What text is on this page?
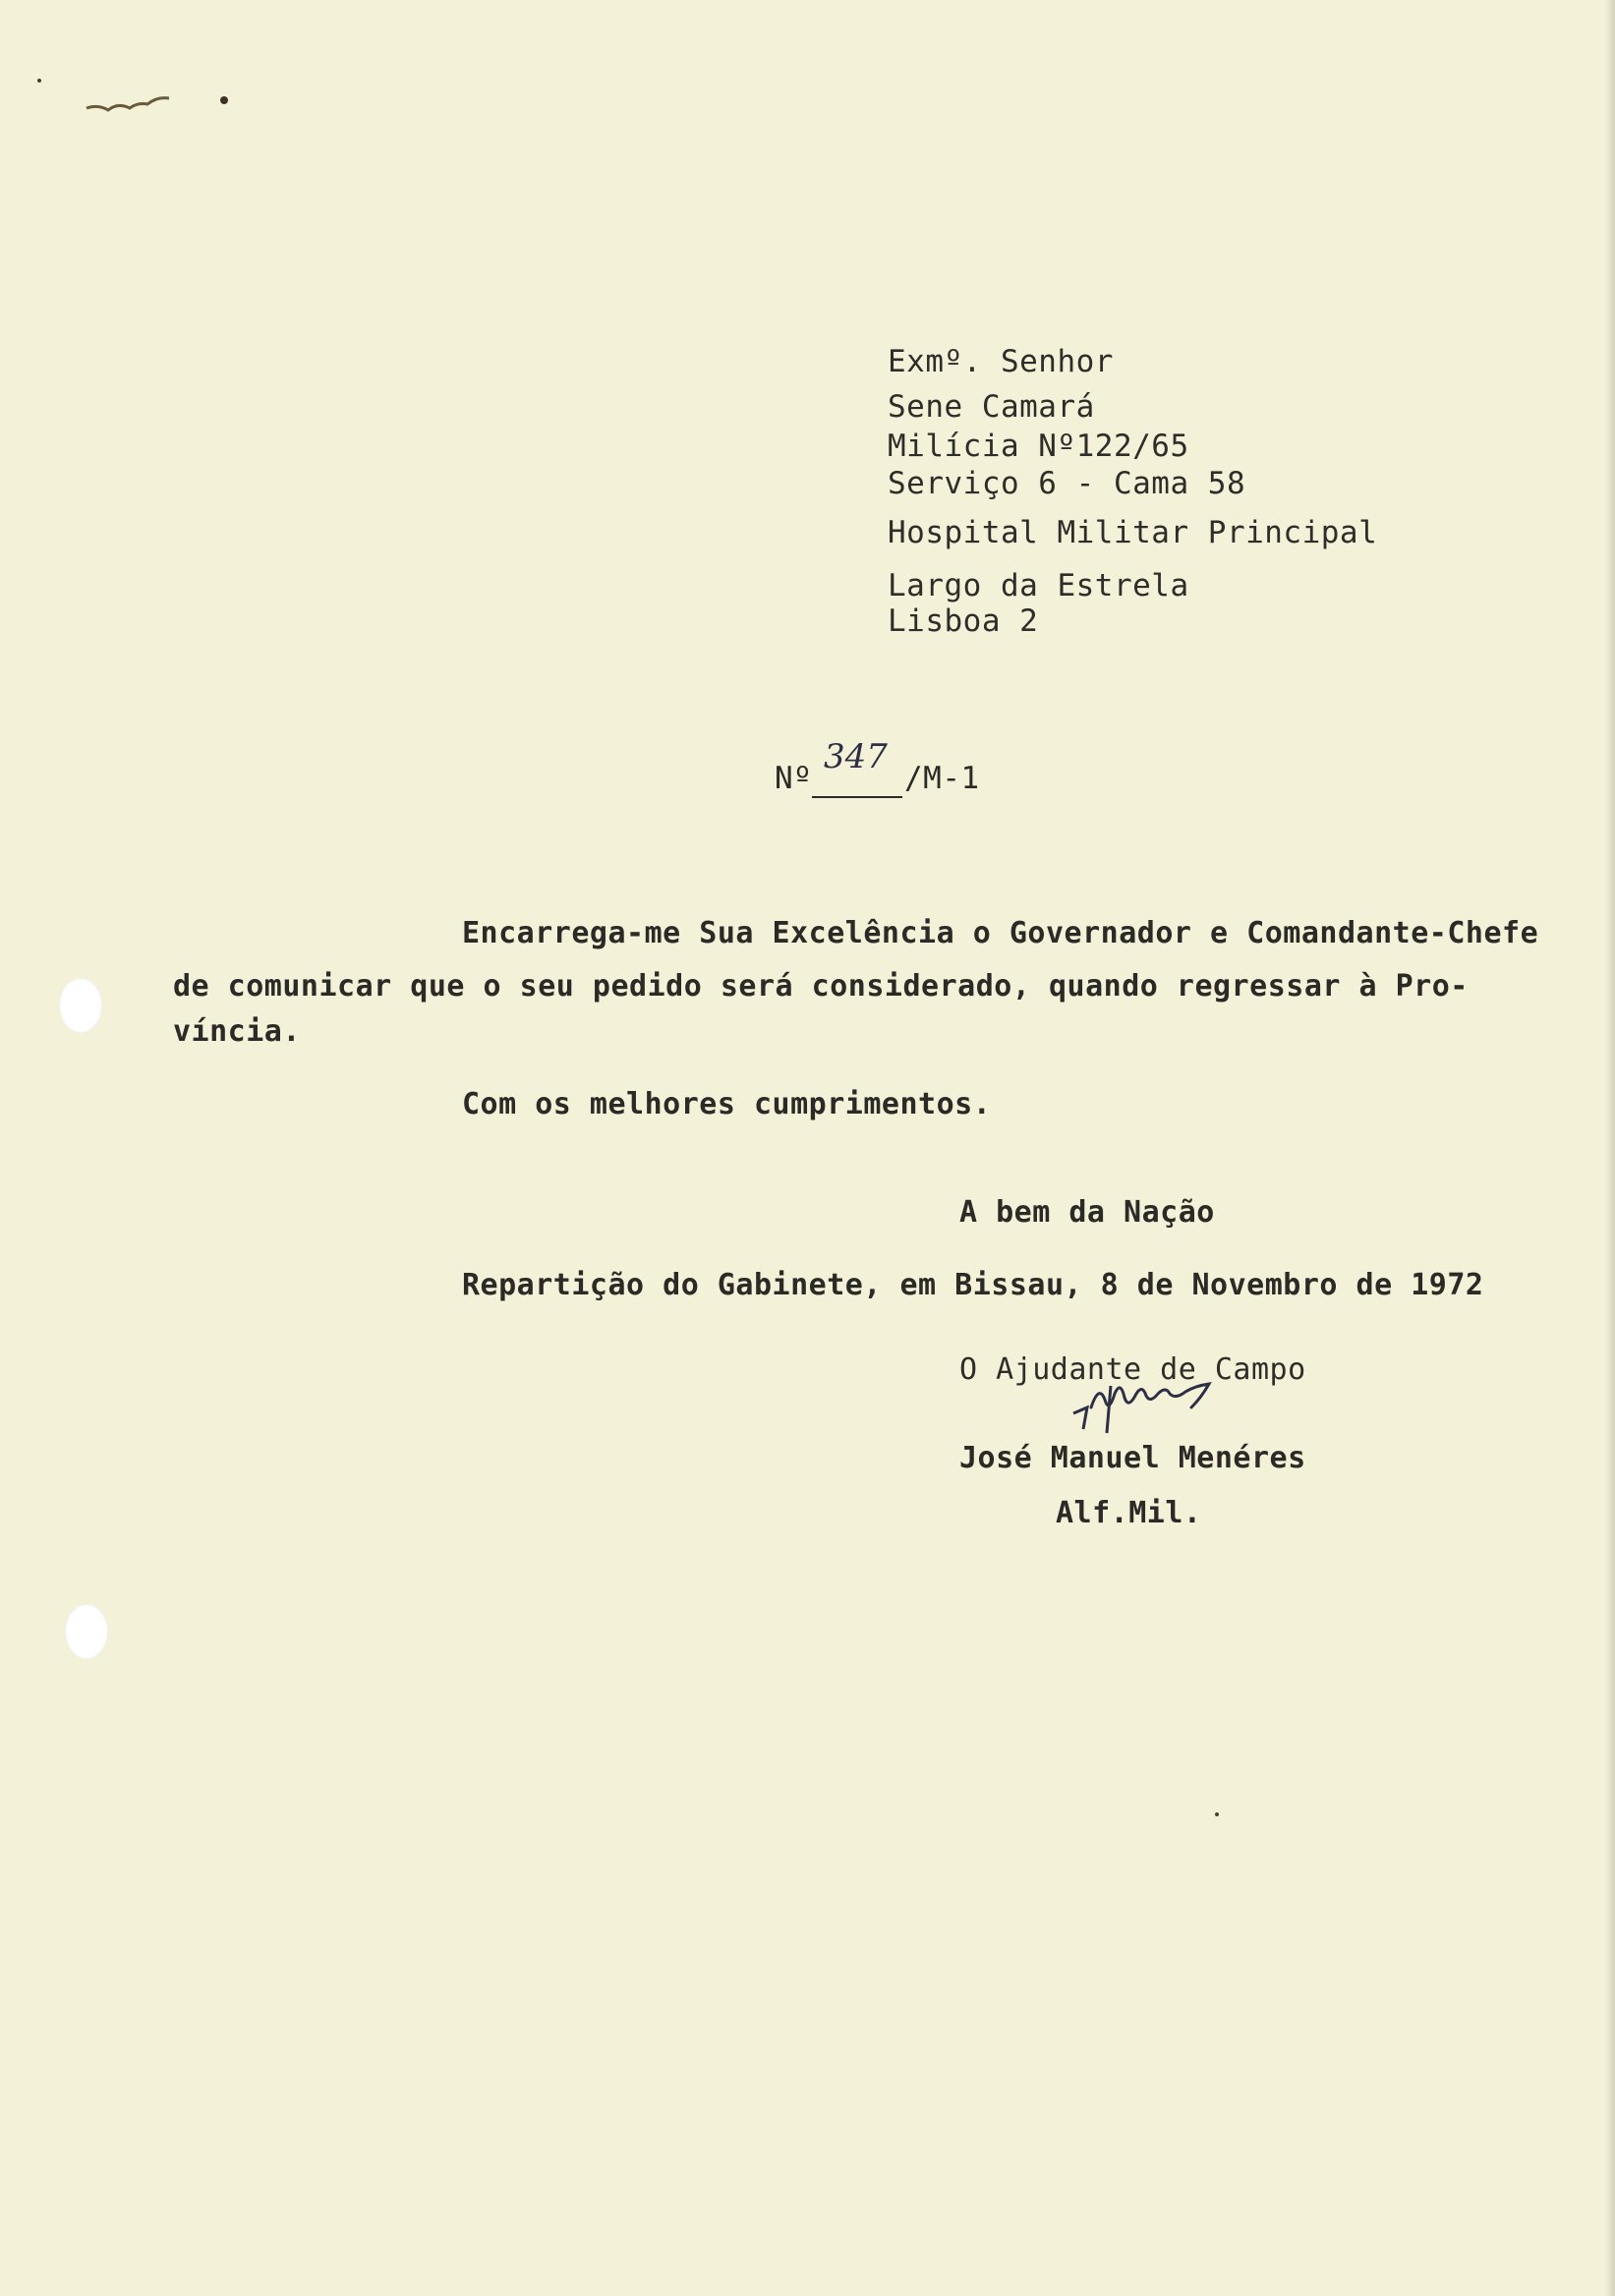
Exmº. Senhor
Sene Camará
Milícia Nº122/65
Serviço 6 - Cama 58
Hospital Militar Principal
Largo da Estrela
Lisboa 2
Nº
347
/M-1
Encarrega-me Sua Excelência o Governador e Comandante-Chefe
de comunicar que o seu pedido será considerado, quando regressar à Pro-
víncia.
Com os melhores cumprimentos.
A bem da Nação
Repartição do Gabinete, em Bissau, 8 de Novembro de 1972
O Ajudante de Campo
José Manuel Menéres
Alf.Mil.
